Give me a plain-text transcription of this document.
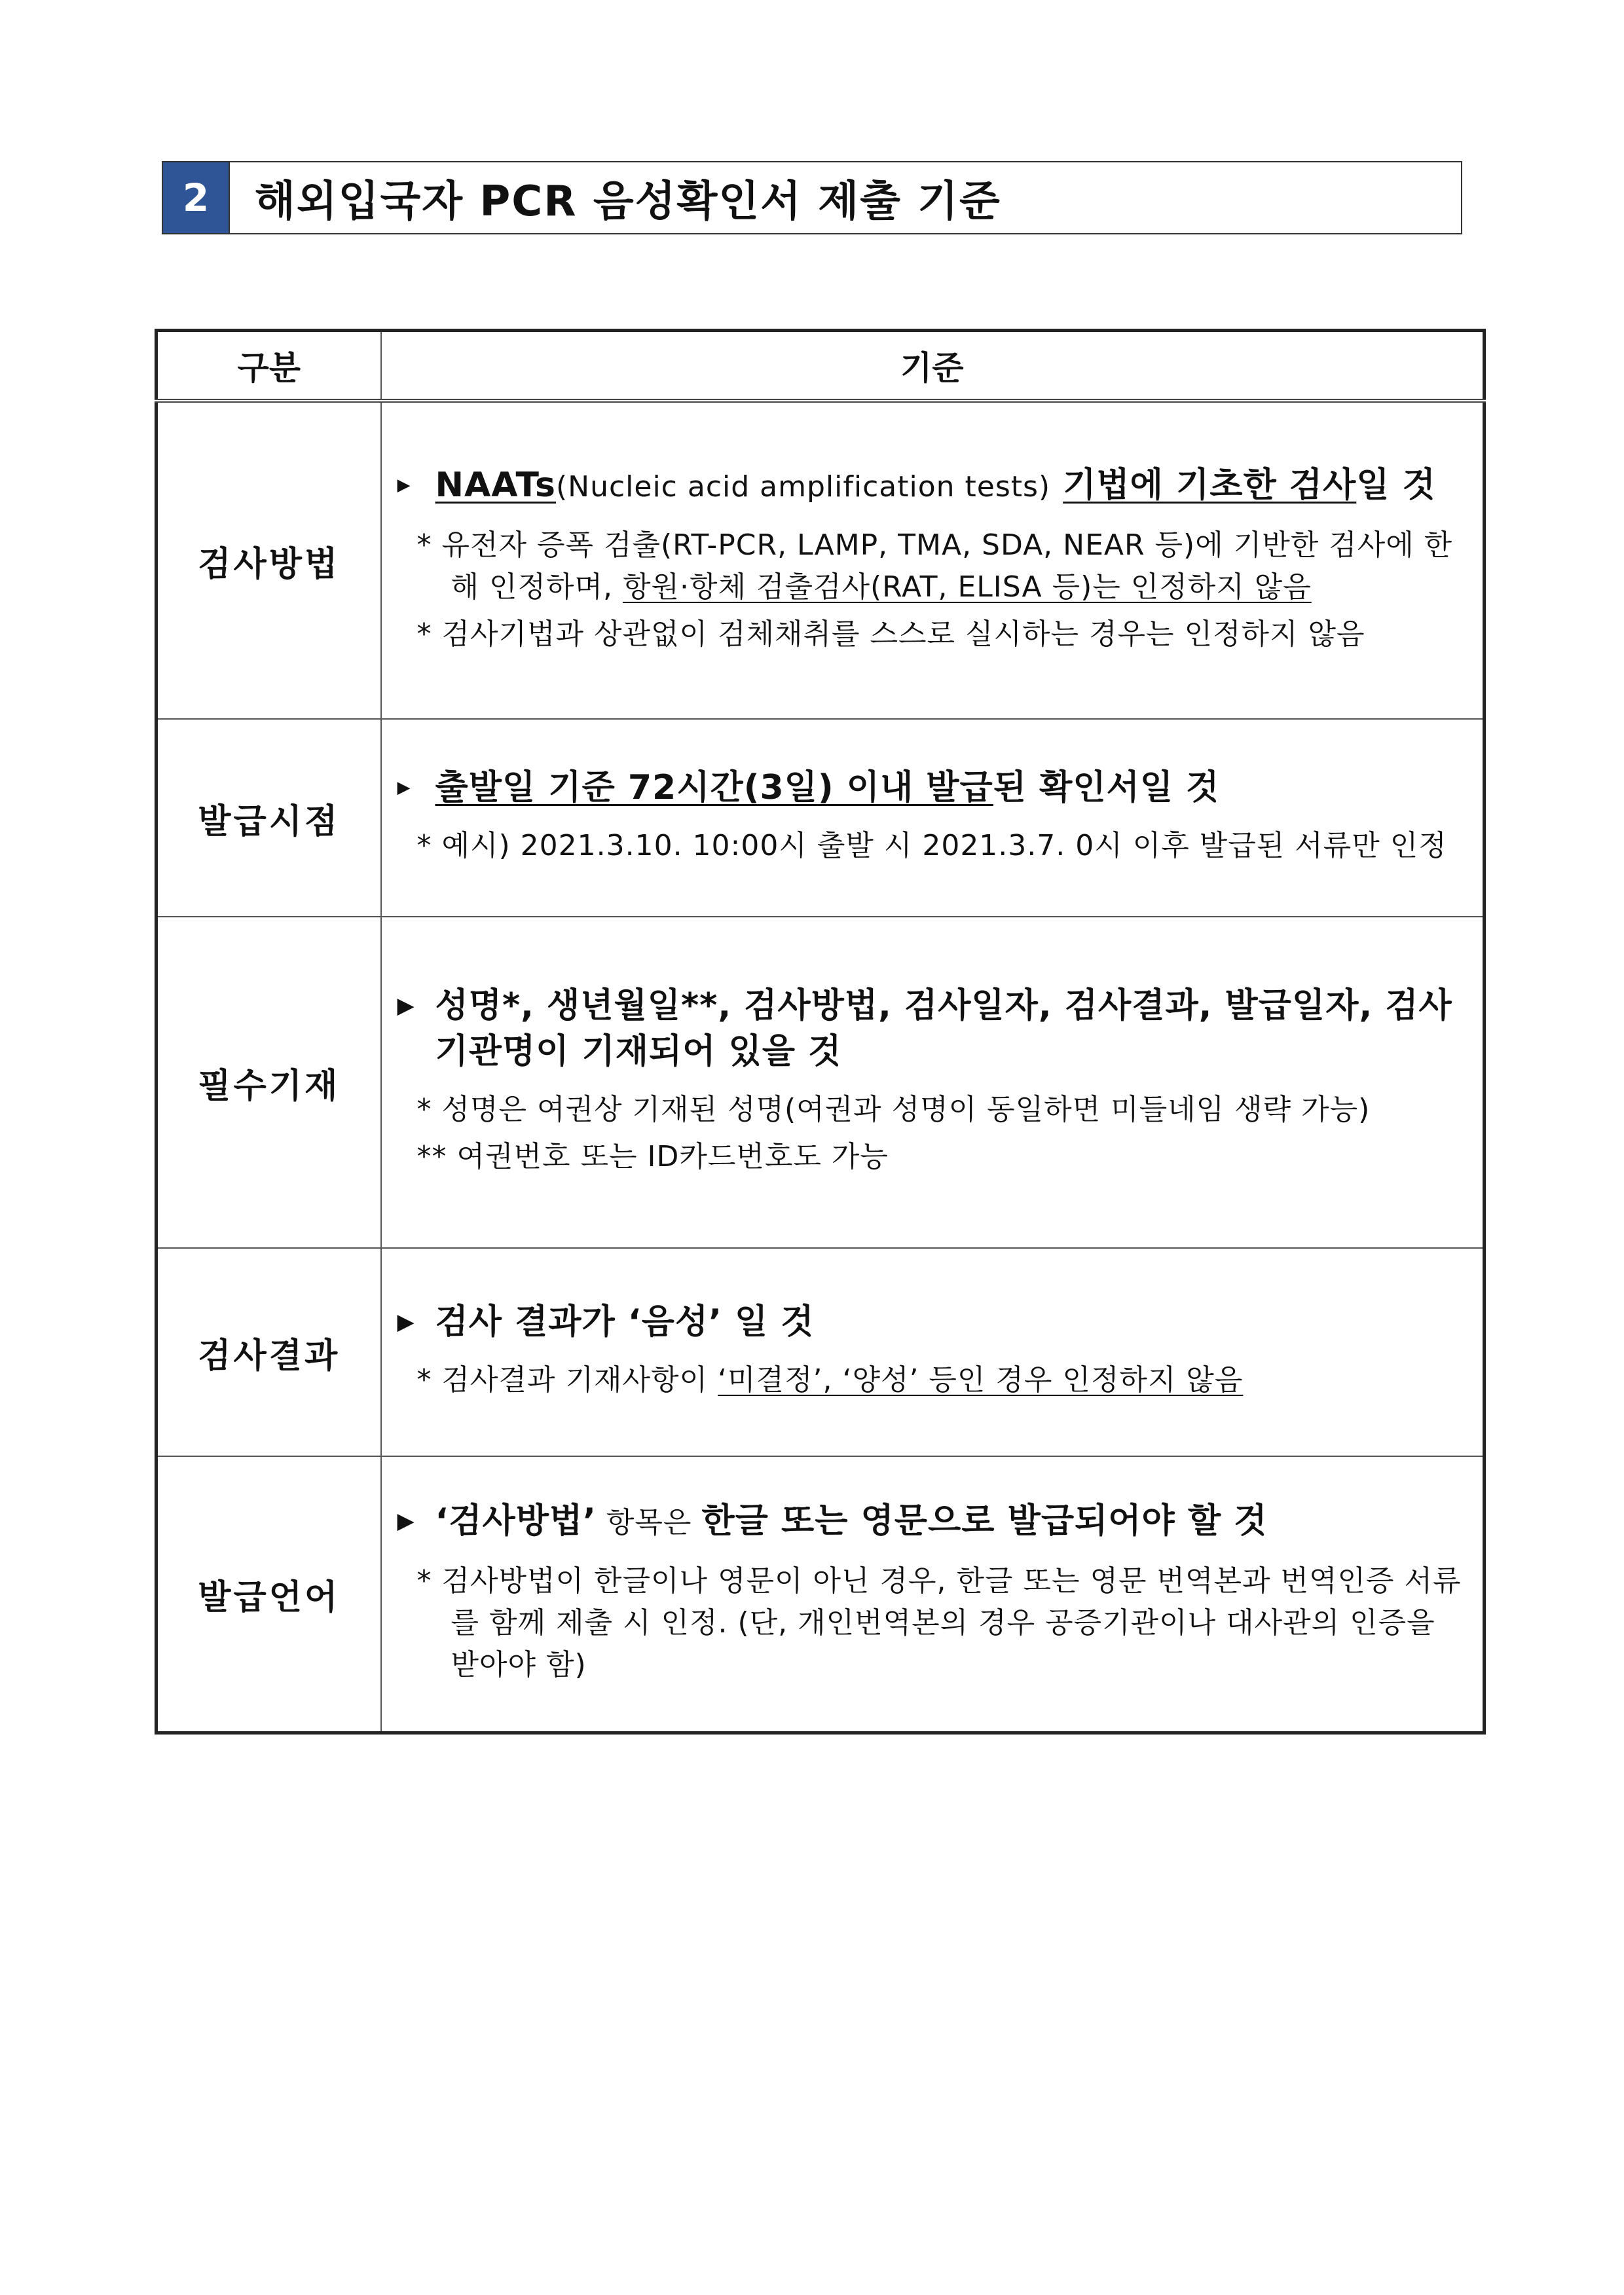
2	해외입국자 PCR 음성확인서 제출 기준
구분	기준
검사방법	▶ NAATs(Nucleic acid amplification tests) 기법에 기초한 검사일 것
* 유전자 증폭 검출(RT-PCR, LAMP, TMA, SDA, NEAR 등)에 기반한 검사에 한해 인정하며, 항원·항체 검출검사(RAT, ELISA 등)는 인정하지 않음
* 검사기법과 상관없이 검체채취를 스스로 실시하는 경우는 인정하지 않음

발급시점	▶ 출발일 기준 72시간(3일) 이내 발급된 확인서일 것
* 예시) 2021.3.10. 10:00시 출발 시 2021.3.7. 0시 이후 발급된 서류만 인정

필수기재	▶ 성명*, 생년월일**, 검사방법, 검사일자, 검사결과, 발급일자, 검사기관명이 기재되어 있을 것
* 성명은 여권상 기재된 성명(여권과 성명이 동일하면 미들네임 생략 가능)
** 여권번호 또는 ID카드번호도 가능

검사결과	▶ 검사 결과가 ‘음성’ 일 것
* 검사결과 기재사항이 ‘미결정’, ‘양성’ 등인 경우 인정하지 않음

발급언어	▶ ‘검사방법’ 항목은 한글 또는 영문으로 발급되어야 할 것
* 검사방법이 한글이나 영문이 아닌 경우, 한글 또는 영문 번역본과 번역인증 서류를 함께 제출 시 인정. (단, 개인번역본의 경우 공증기관이나 대사관의 인증을 받아야 함)
